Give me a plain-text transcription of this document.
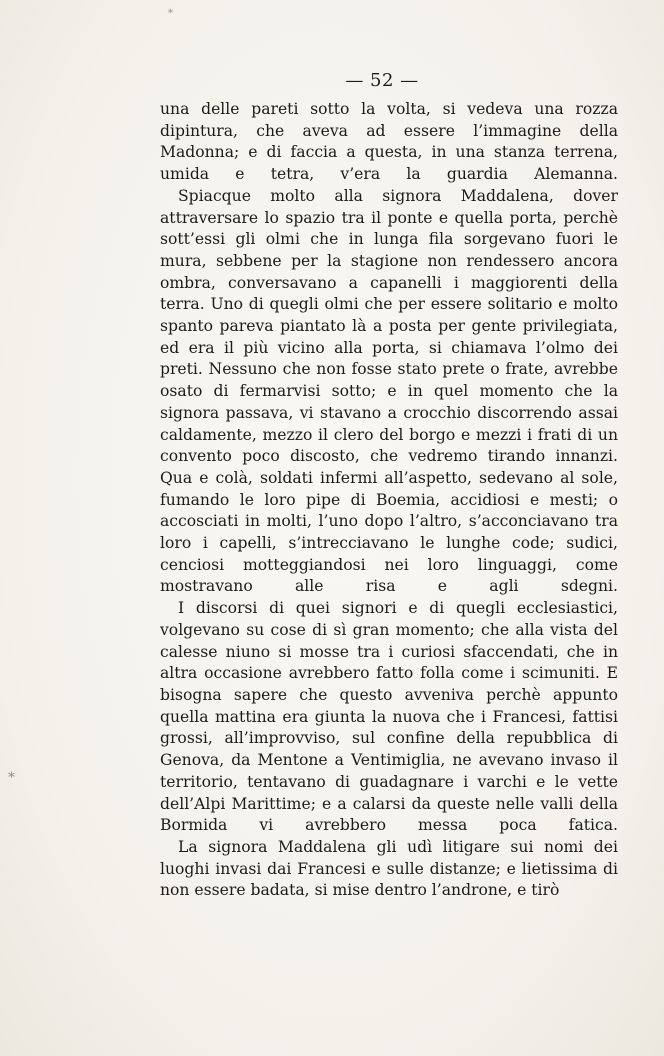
*
*
— 52 —

una delle pareti sotto la volta, si vedeva una rozza dipintura, che aveva ad essere l’immagine della Madonna; e di faccia a questa, in una stanza terrena, umida e tetra, v’era la guardia Alemanna.

Spiacque molto alla signora Maddalena, dover attraversare lo spazio tra il ponte e quella porta, perchè sott’essi gli olmi che in lunga fila sorgevano fuori le mura, sebbene per la stagione non rendessero ancora ombra, conversavano a capanelli i maggiorenti della terra. Uno di quegli olmi che per essere solitario e molto spanto pareva piantato là a posta per gente privilegiata, ed era il più vicino alla porta, si chiamava l’olmo dei preti. Nessuno che non fosse stato prete o frate, avrebbe osato di fermarvisi sotto; e in quel momento che la signora passava, vi stavano a crocchio discorrendo assai caldamente, mezzo il clero del borgo e mezzi i frati di un convento poco discosto, che vedremo tirando innanzi. Qua e colà, soldati infermi all’aspetto, sedevano al sole, fumando le loro pipe di Boemia, accidiosi e mesti; o accosciati in molti, l’uno dopo l’altro, s’acconciavano tra loro i capelli, s’intrecciavano le lunghe code; sudici, cenciosi motteggiandosi nei loro linguaggi, come mostravano alle risa e agli sdegni.

I discorsi di quei signori e di quegli ecclesiastici, volgevano su cose di sì gran momento; che alla vista del calesse niuno si mosse tra i curiosi sfaccendati, che in altra occasione avrebbero fatto folla come i scimuniti. E bisogna sapere che questo avveniva perchè appunto quella mattina era giunta la nuova che i Francesi, fattisi grossi, all’improvviso, sul confine della repubblica di Genova, da Mentone a Ventimiglia, ne avevano invaso il territorio, tentavano di guadagnare i varchi e le vette dell’Alpi Marittime; e a calarsi da queste nelle valli della Bormida vi avrebbero messa poca fatica.

La signora Maddalena gli udì litigare sui nomi dei luoghi invasi dai Francesi e sulle distanze; e lietissima di non essere badata, si mise dentro l’androne, e tirò
